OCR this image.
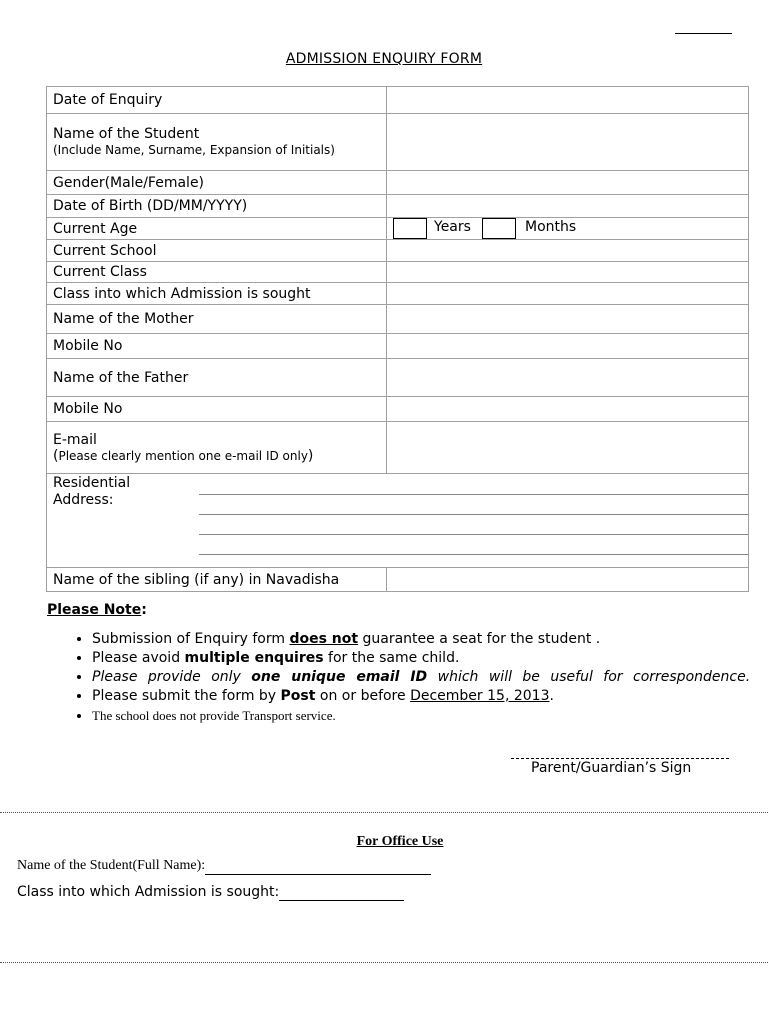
ADMISSION ENQUIRY FORM
Date of Enquiry	

Name of the Student
(Include Name, Surname, Expansion of Initials)	

Gender(Male/Female)	
Date of Birth (DD/MM/YYYY)	
Current Age	Years Months

Current School	
Current Class	
Class into which Admission is sought	
Name of the Mother	
Mobile No	
Name of the Father	
Mobile No	

E-mail
(Please clearly mention one e-mail ID only)	

Residential
Address:	

Name of the sibling (if any) in Navadisha	
Please Note:
• Submission of Enquiry form does not guarantee a seat for the student .
• Please avoid multiple enquires for the same child.
• Please provide only one unique email ID which will be useful for correspondence.
• Please submit the form by Post on or before December 15, 2013.
• The school does not provide Transport service.
Parent/Guardian’s Sign
For Office Use
Name of the Student(Full Name):
Class into which Admission is sought:
